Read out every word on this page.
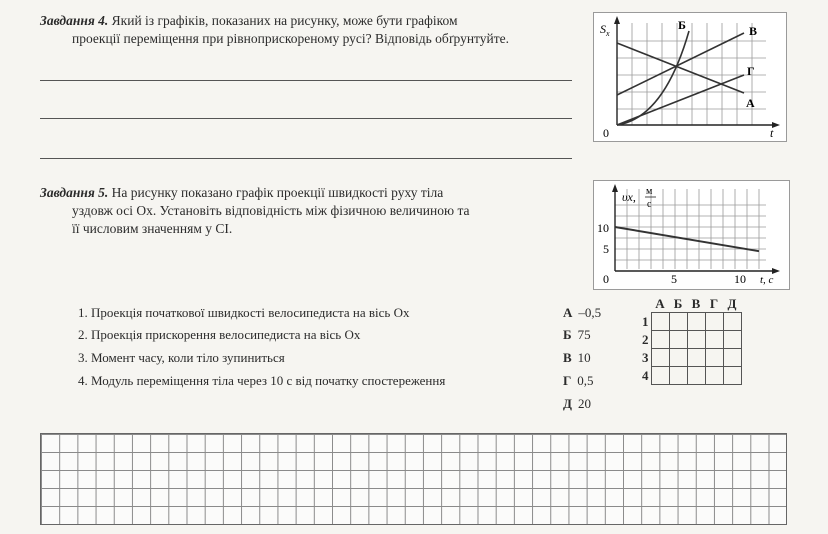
Завдання 4. Який із графіків, показаних на рисунку, може бути графіком
проекції переміщення при рівноприскореному русі? Відповідь обґрунтуйте.
$S_x$
t
0
Б	В
Г
А
Завдання 5. На рисунку показано графік проекції швидкості руху тіла
уздовж осі Ox. Установіть відповідність між фізичною величиною та
її числовим значенням у СІ.
υx, м
с
10
5
0	5	10 t, c
1. Проекція початкової швидкості велосипедиста на вісь Ox
2. Проекція прискорення велосипедиста на вісь Ox
3. Момент часу, коли тіло зупиниться
4. Модуль переміщення тіла через 10 с від початку спостереження
А –0,5
Б 75
В 10
Г 0,5
Д 20
	А	Б	В	Г	Д
1					
2					
3					
4					
